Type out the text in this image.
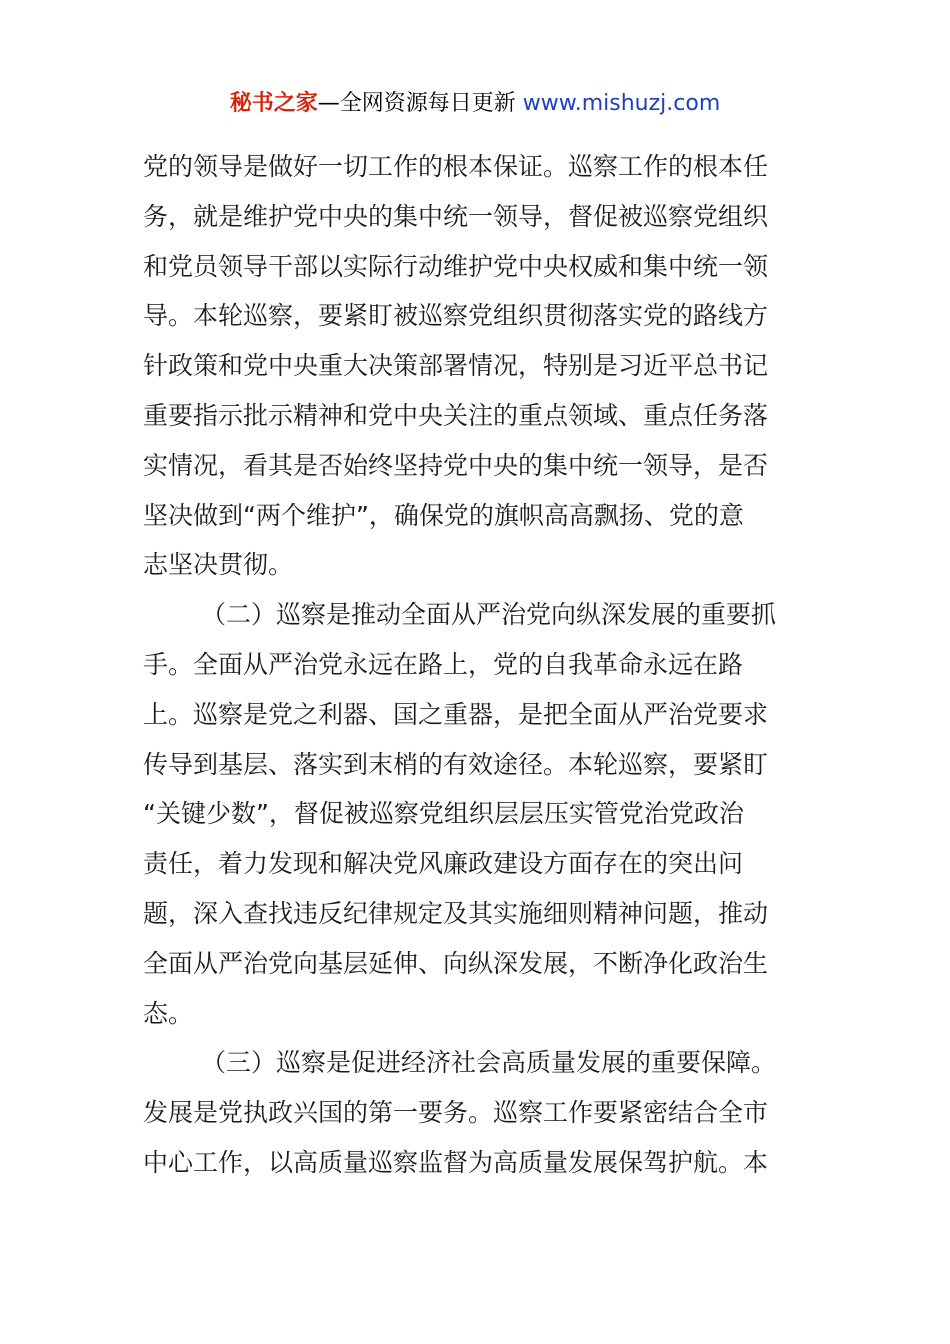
秘书之家—全网资源每日更新 www.mishuzj.com
党的领导是做好一切工作的根本保证。巡察工作的根本任
务，就是维护党中央的集中统一领导，督促被巡察党组织
和党员领导干部以实际行动维护党中央权威和集中统一领
导。本轮巡察，要紧盯被巡察党组织贯彻落实党的路线方
针政策和党中央重大决策部署情况，特别是习近平总书记
重要指示批示精神和党中央关注的重点领域、重点任务落
实情况，看其是否始终坚持党中央的集中统一领导，是否
坚决做到“两个维护”，确保党的旗帜高高飘扬、党的意
志坚决贯彻。
（二）巡察是推动全面从严治党向纵深发展的重要抓
手。全面从严治党永远在路上，党的自我革命永远在路
上。巡察是党之利器、国之重器，是把全面从严治党要求
传导到基层、落实到末梢的有效途径。本轮巡察，要紧盯
“关键少数”，督促被巡察党组织层层压实管党治党政治
责任，着力发现和解决党风廉政建设方面存在的突出问
题，深入查找违反纪律规定及其实施细则精神问题，推动
全面从严治党向基层延伸、向纵深发展，不断净化政治生
态。
（三）巡察是促进经济社会高质量发展的重要保障。
发展是党执政兴国的第一要务。巡察工作要紧密结合全市
中心工作，以高质量巡察监督为高质量发展保驾护航。本
